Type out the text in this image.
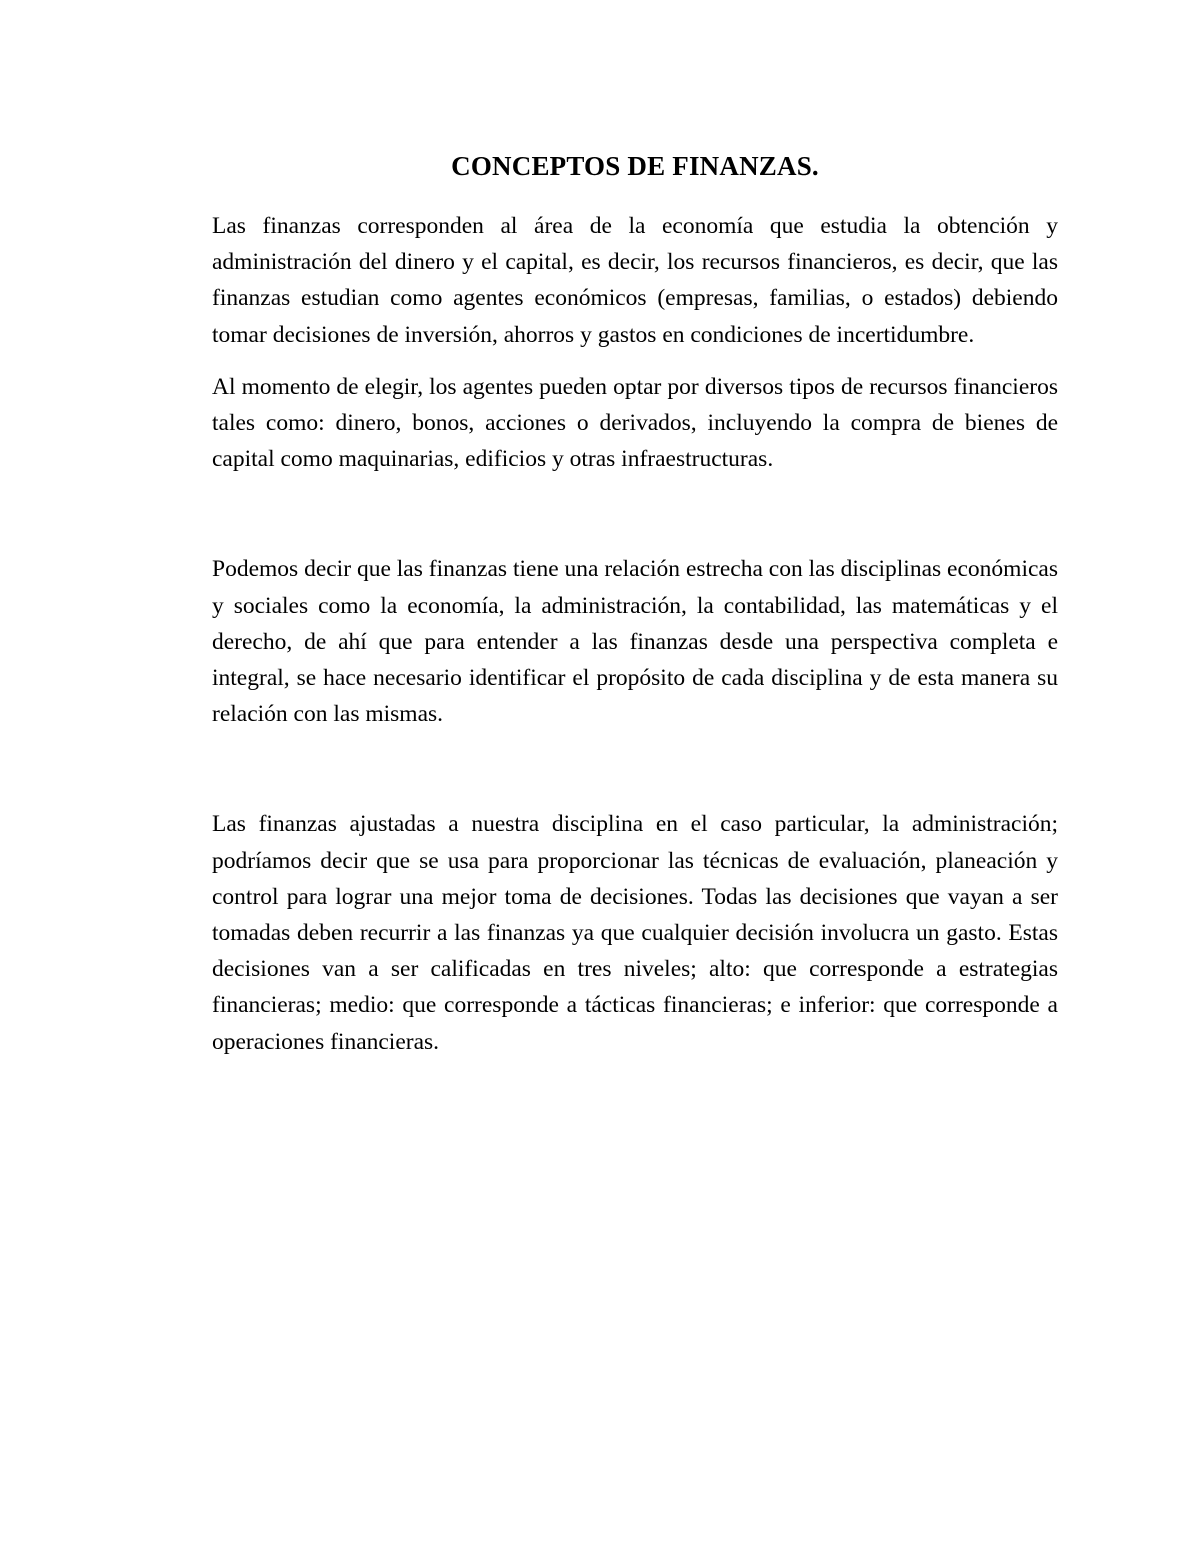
CONCEPTOS DE FINANZAS.

Las finanzas corresponden al área de la economía que estudia la obtención y administración del dinero y el capital, es decir, los recursos financieros, es decir, que las finanzas estudian como agentes económicos (empresas, familias, o estados) debiendo tomar decisiones de inversión, ahorros y gastos en condiciones de incertidumbre.

Al momento de elegir, los agentes pueden optar por diversos tipos de recursos financieros tales como: dinero, bonos, acciones o derivados, incluyendo la compra de bienes de capital como maquinarias, edificios y otras infraestructuras.

Podemos decir que las finanzas tiene una relación estrecha con las disciplinas económicas y sociales como la economía, la administración, la contabilidad, las matemáticas y el derecho, de ahí que para entender a las finanzas desde una perspectiva completa e integral, se hace necesario identificar el propósito de cada disciplina y de esta manera su relación con las mismas.

Las finanzas ajustadas a nuestra disciplina en el caso particular, la administración; podríamos decir que se usa para proporcionar las técnicas de evaluación, planeación y control para lograr una mejor toma de decisiones. Todas las decisiones que vayan a ser tomadas deben recurrir a las finanzas ya que cualquier decisión involucra un gasto. Estas decisiones van a ser calificadas en tres niveles; alto: que corresponde a estrategias financieras; medio: que corresponde a tácticas financieras; e inferior: que corresponde a operaciones financieras.
